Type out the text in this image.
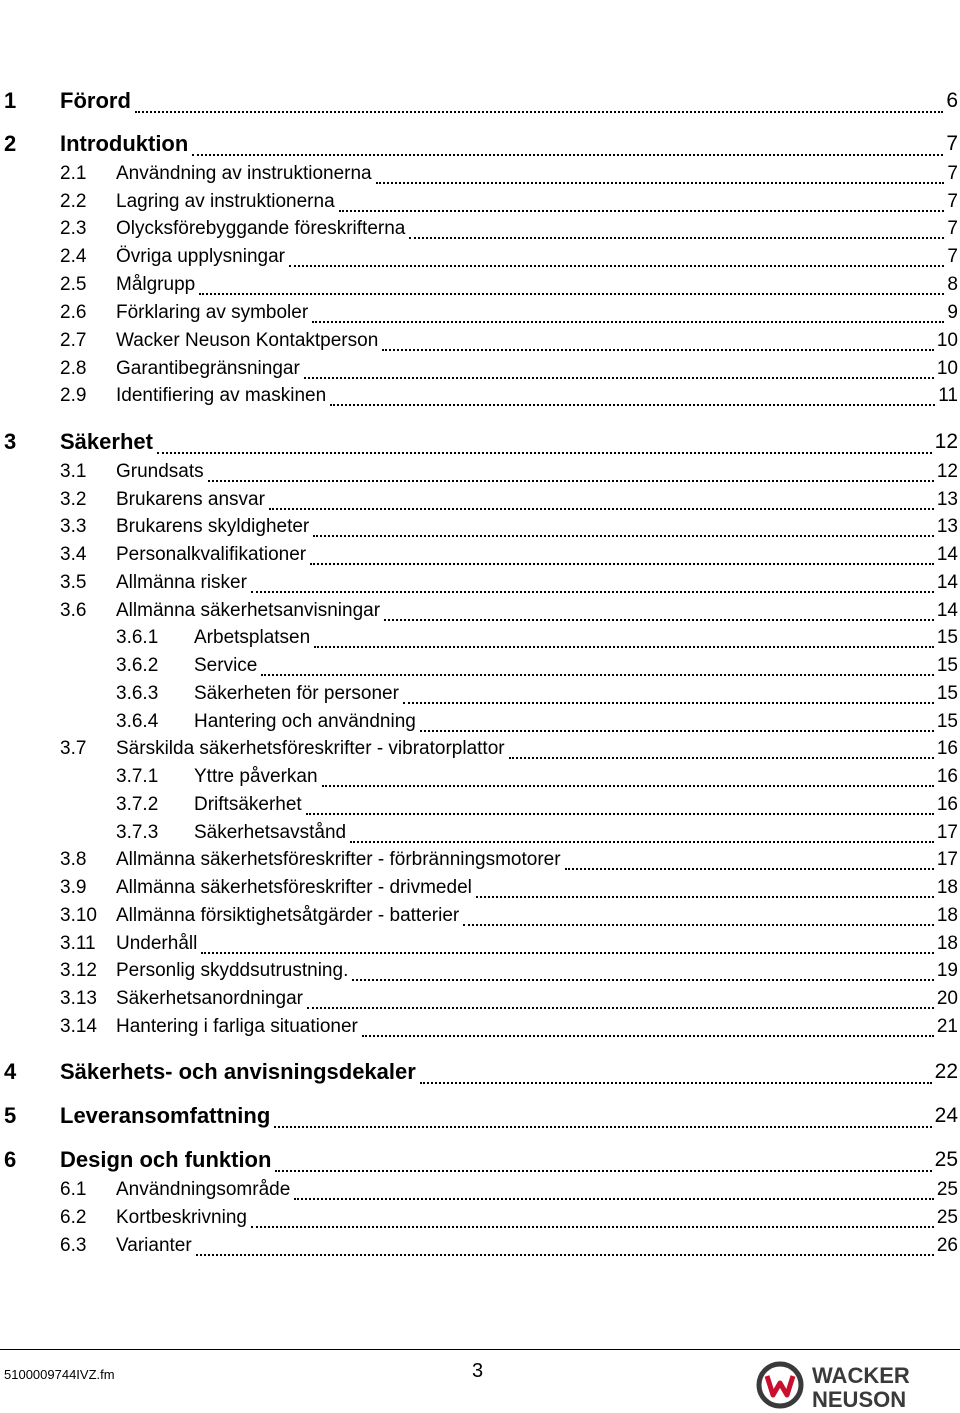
1 Förord	6
2 Introduktion	7
2.1 Användning av instruktionerna	7
2.2 Lagring av instruktionerna	7
2.3 Olycksförebyggande föreskrifterna	7
2.4 Övriga upplysningar	7
2.5 Målgrupp	8
2.6 Förklaring av symboler	9
2.7 Wacker Neuson Kontaktperson	10
2.8 Garantibegränsningar	10
2.9 Identifiering av maskinen	11
3 Säkerhet	12
3.1 Grundsats	12
3.2 Brukarens ansvar	13
3.3 Brukarens skyldigheter	13
3.4 Personalkvalifikationer	14
3.5 Allmänna risker	14
3.6 Allmänna säkerhetsanvisningar	14
3.6.1 Arbetsplatsen	15
3.6.2 Service	15
3.6.3 Säkerheten för personer	15
3.6.4 Hantering och användning	15
3.7 Särskilda säkerhetsföreskrifter - vibratorplattor	16
3.7.1 Yttre påverkan	16
3.7.2 Driftsäkerhet	16
3.7.3 Säkerhetsavstånd	17
3.8 Allmänna säkerhetsföreskrifter - förbränningsmotorer	17
3.9 Allmänna säkerhetsföreskrifter - drivmedel	18
3.10 Allmänna försiktighetsåtgärder - batterier	18
3.11 Underhåll	18
3.12 Personlig skyddsutrustning.	19
3.13 Säkerhetsanordningar	20
3.14 Hantering i farliga situationer	21
4 Säkerhets- och anvisningsdekaler	22
5 Leveransomfattning	24
6 Design och funktion	25
6.1 Användningsområde	25
6.2 Kortbeskrivning	25
6.3 Varianter	26
5100009744IVZ.fm	3	WACKER
NEUSON
